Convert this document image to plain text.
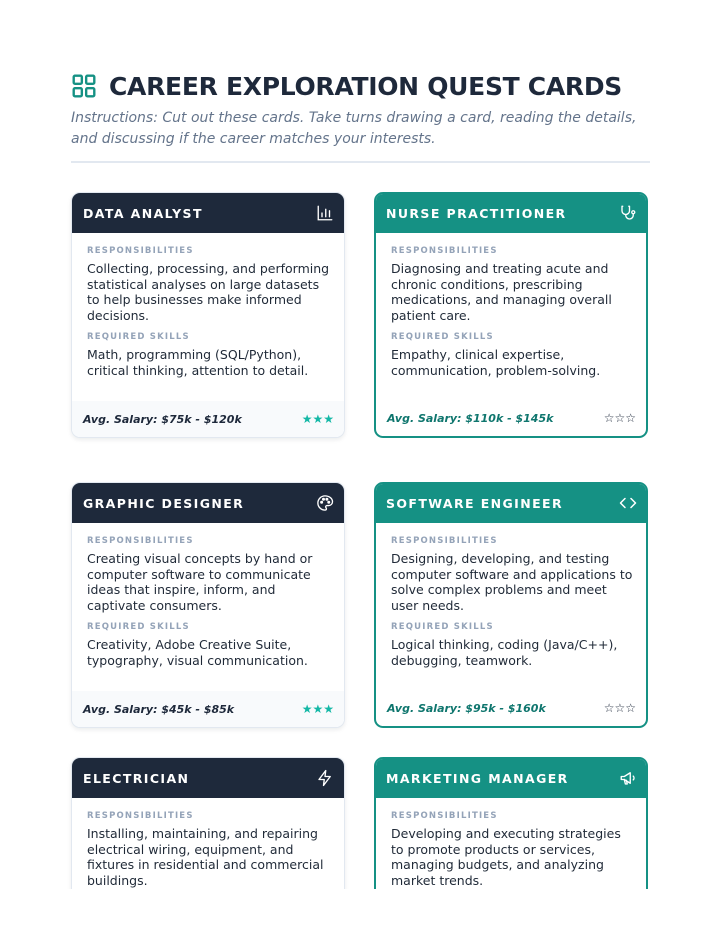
CAREER EXPLORATION QUEST CARDS
Instructions: Cut out these cards. Take turns drawing a card, reading the details, and discussing if the career matches your interests.
DATA ANALYST
RESPONSIBILITIES
Collecting, processing, and performing statistical analyses on large datasets to help businesses make informed decisions.
REQUIRED SKILLS
Math, programming (SQL/Python), critical thinking, attention to detail.
Avg. Salary: $75k - $120k	★★★
NURSE PRACTITIONER
RESPONSIBILITIES
Diagnosing and treating acute and chronic conditions, prescribing medications, and managing overall patient care.
REQUIRED SKILLS
Empathy, clinical expertise, communication, problem-solving.
Avg. Salary: $110k - $145k	☆☆☆
GRAPHIC DESIGNER
RESPONSIBILITIES
Creating visual concepts by hand or computer software to communicate ideas that inspire, inform, and captivate consumers.
REQUIRED SKILLS
Creativity, Adobe Creative Suite, typography, visual communication.
Avg. Salary: $45k - $85k	★★★
SOFTWARE ENGINEER
RESPONSIBILITIES
Designing, developing, and testing computer software and applications to solve complex problems and meet user needs.
REQUIRED SKILLS
Logical thinking, coding (Java/C++), debugging, teamwork.
Avg. Salary: $95k - $160k	☆☆☆
ELECTRICIAN
RESPONSIBILITIES
Installing, maintaining, and repairing electrical wiring, equipment, and fixtures in residential and commercial buildings.
MARKETING MANAGER
RESPONSIBILITIES
Developing and executing strategies to promote products or services, managing budgets, and analyzing market trends.
